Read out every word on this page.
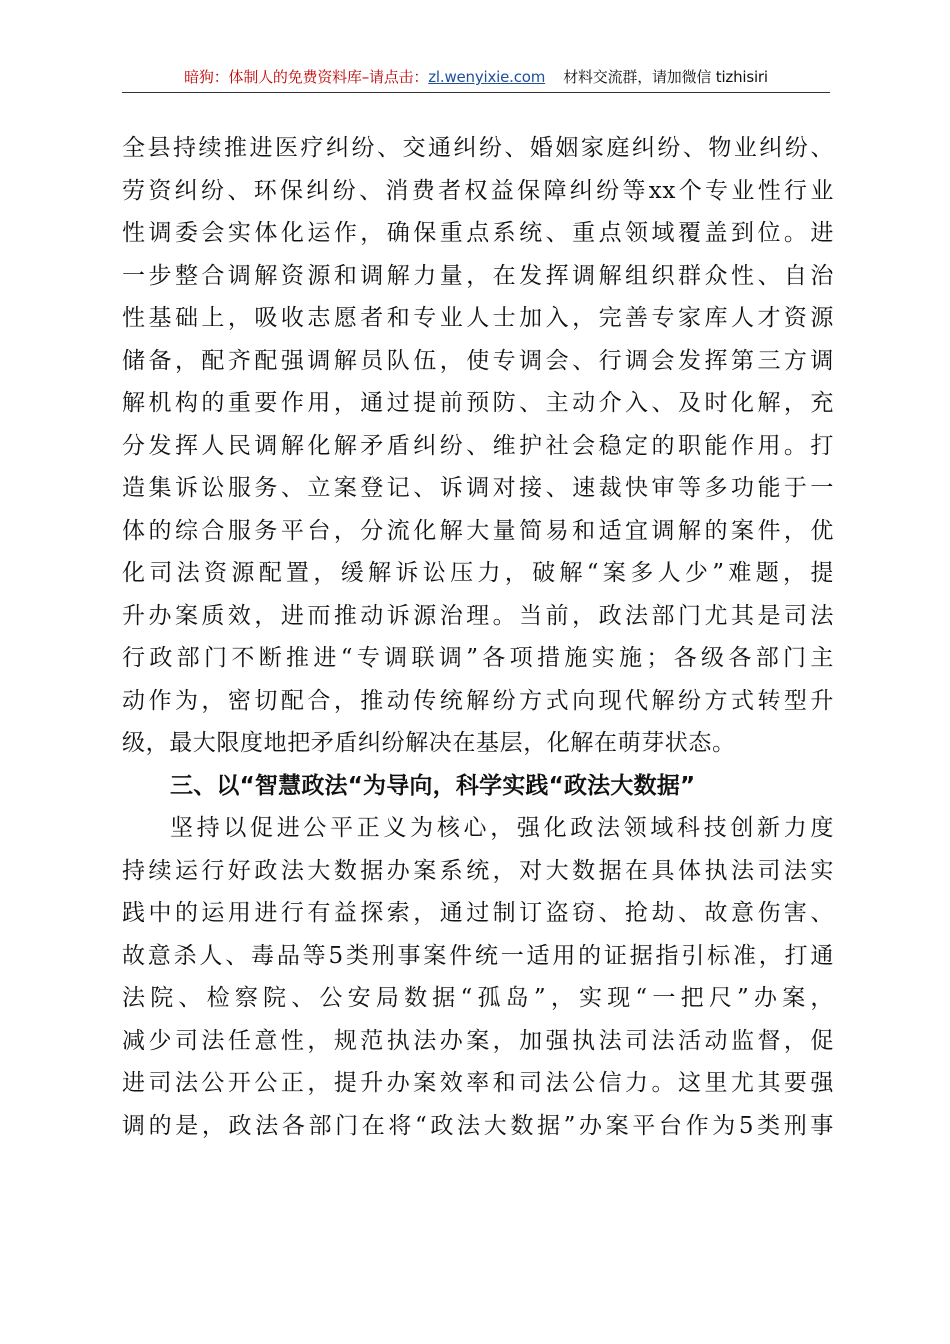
暗狗：体制人的免费资料库–请点击：zl.wenyixie.com 材料交流群，请加微信 tizhisiri
全县持续推进医疗纠纷、交通纠纷、婚姻家庭纠纷、物业纠纷、
劳资纠纷、环保纠纷、消费者权益保障纠纷等xx个专业性行业
性调委会实体化运作，确保重点系统、重点领域覆盖到位。进
一步整合调解资源和调解力量，在发挥调解组织群众性、自治
性基础上，吸收志愿者和专业人士加入，完善专家库人才资源
储备，配齐配强调解员队伍，使专调会、行调会发挥第三方调
解机构的重要作用，通过提前预防、主动介入、及时化解，充
分发挥人民调解化解矛盾纠纷、维护社会稳定的职能作用。打
造集诉讼服务、立案登记、诉调对接、速裁快审等多功能于一
体的综合服务平台，分流化解大量简易和适宜调解的案件，优
化司法资源配置，缓解诉讼压力，破解“案多人少”难题，提
升办案质效，进而推动诉源治理。当前，政法部门尤其是司法
行政部门不断推进“专调联调”各项措施实施；各级各部门主
动作为，密切配合，推动传统解纷方式向现代解纷方式转型升
级，最大限度地把矛盾纠纷解决在基层，化解在萌芽状态。
三、以“智慧政法“为导向，科学实践“政法大数据”
坚持以促进公平正义为核心，强化政法领域科技创新力度
持续运行好政法大数据办案系统，对大数据在具体执法司法实
践中的运用进行有益探索，通过制订盗窃、抢劫、故意伤害、
故意杀人、毒品等5类刑事案件统一适用的证据指引标准，打通
法院、检察院、公安局数据“孤岛”，实现“一把尺”办案，
减少司法任意性，规范执法办案，加强执法司法活动监督，促
进司法公开公正，提升办案效率和司法公信力。这里尤其要强
调的是，政法各部门在将“政法大数据”办案平台作为5类刑事
